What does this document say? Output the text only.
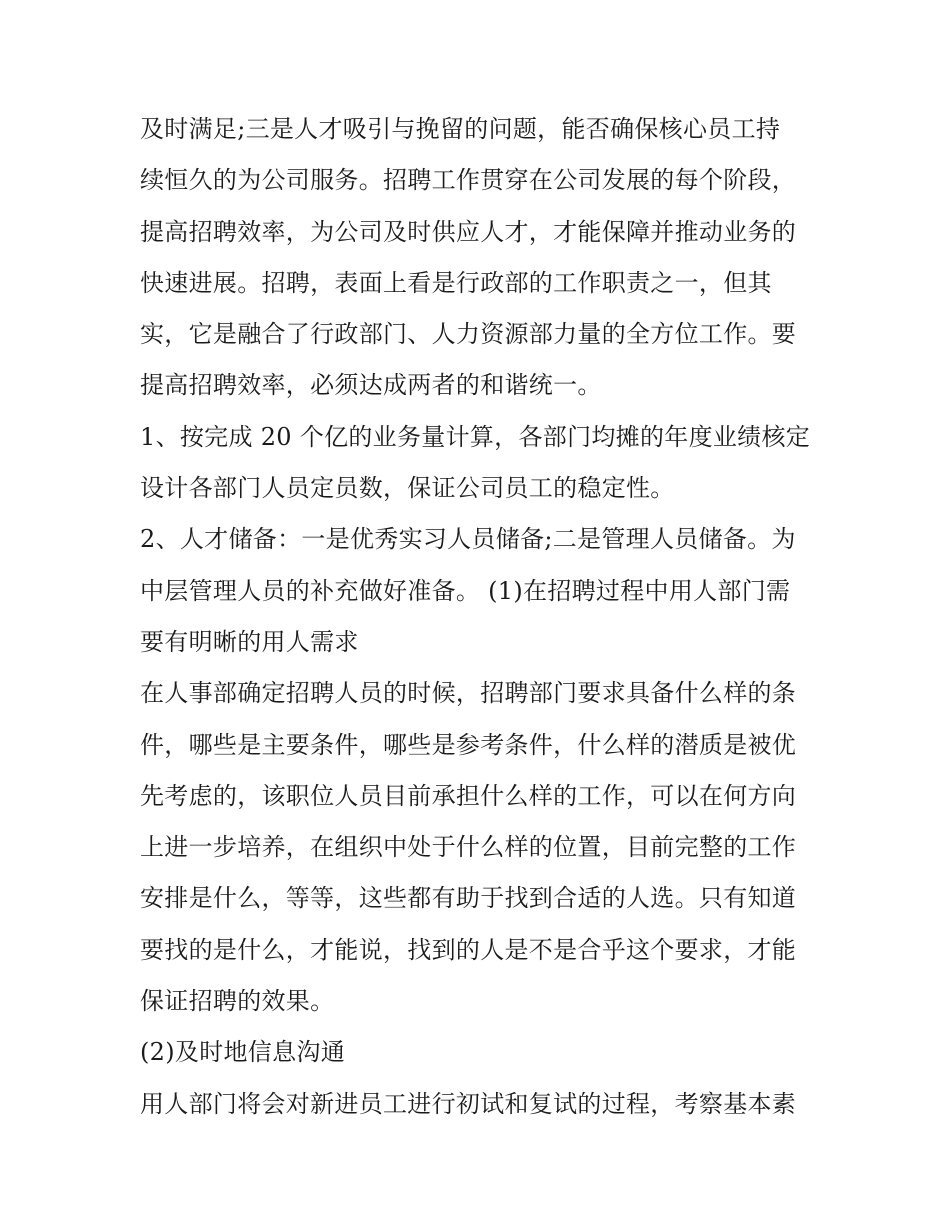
及时满足;三是人才吸引与挽留的问题，能否确保核心员工持
续恒久的为公司服务。招聘工作贯穿在公司发展的每个阶段，
提高招聘效率，为公司及时供应人才，才能保障并推动业务的
快速进展。招聘，表面上看是行政部的工作职责之一，但其
实，它是融合了行政部门、人力资源部力量的全方位工作。要
提高招聘效率，必须达成两者的和谐统一。
1、按完成 20 个亿的业务量计算，各部门均摊的年度业绩核定
设计各部门人员定员数，保证公司员工的稳定性。
2、人才储备：一是优秀实习人员储备;二是管理人员储备。为
中层管理人员的补充做好准备。 (1)在招聘过程中用人部门需
要有明晰的用人需求
在人事部确定招聘人员的时候，招聘部门要求具备什么样的条
件，哪些是主要条件，哪些是参考条件，什么样的潜质是被优
先考虑的，该职位人员目前承担什么样的工作，可以在何方向
上进一步培养，在组织中处于什么样的位置，目前完整的工作
安排是什么，等等，这些都有助于找到合适的人选。只有知道
要找的是什么，才能说，找到的人是不是合乎这个要求，才能
保证招聘的效果。
(2)及时地信息沟通
用人部门将会对新进员工进行初试和复试的过程，考察基本素
